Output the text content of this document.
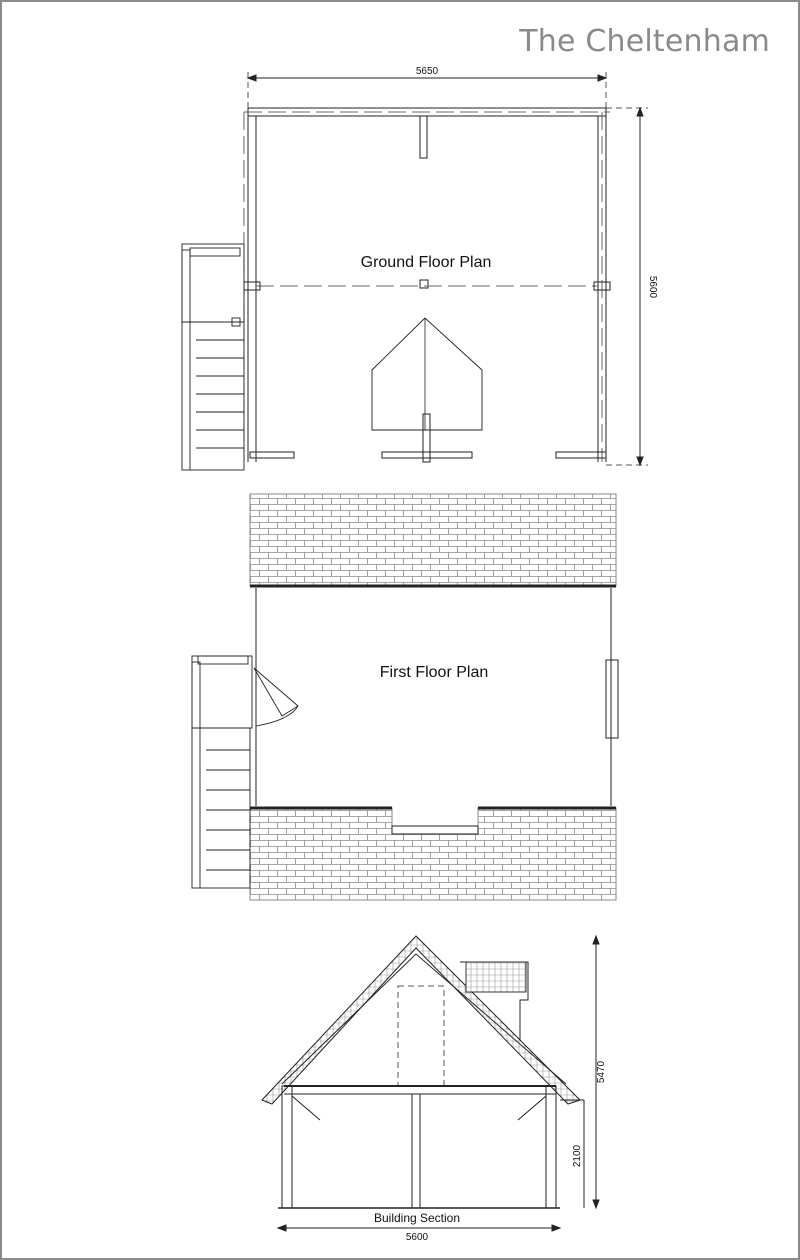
The Cheltenham
5650
5600
Ground Floor Plan
First Floor Plan
5470
2100
Building Section
5600
